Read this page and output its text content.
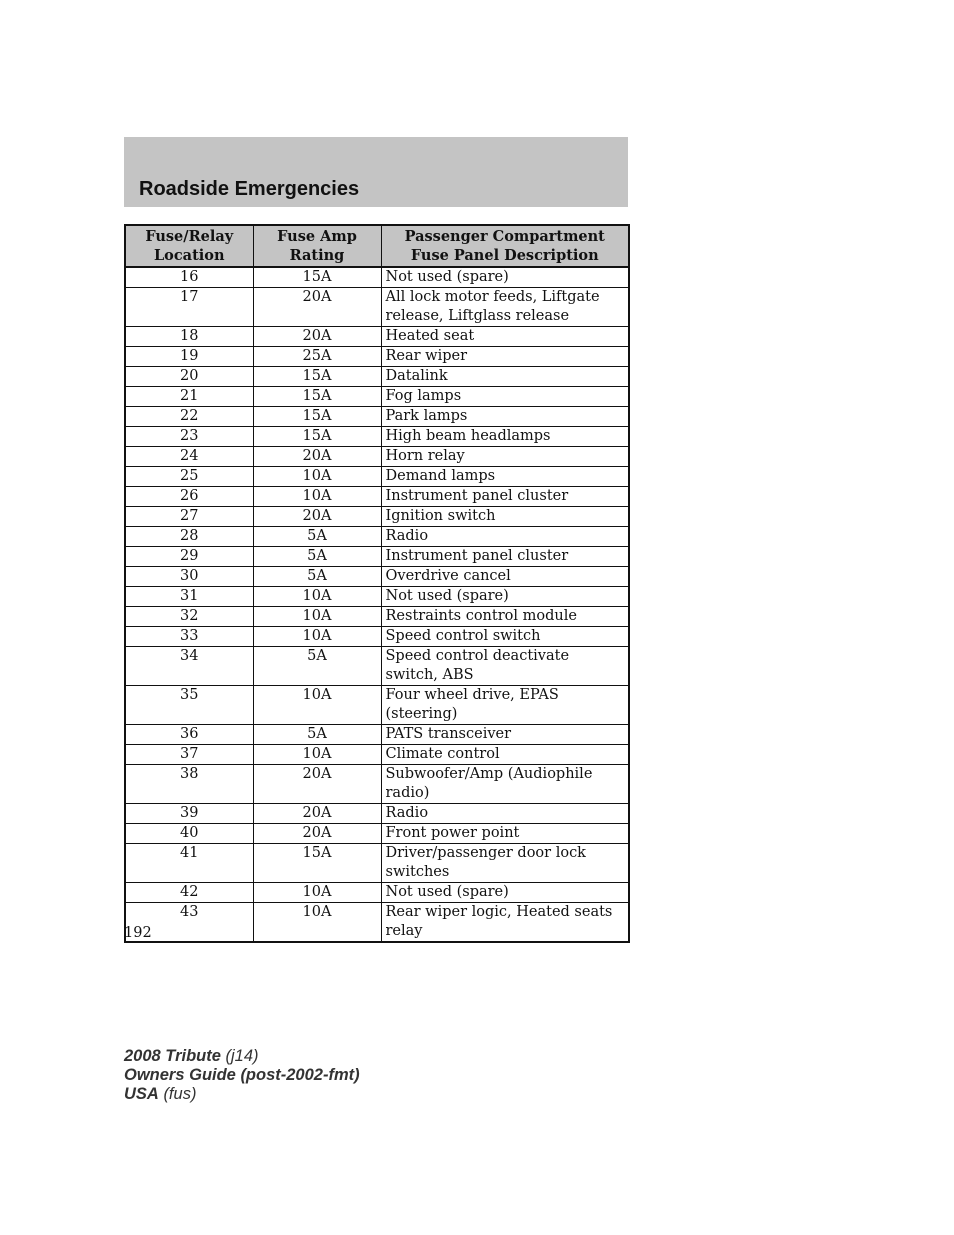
Roadside Emergencies
Fuse/Relay Location	Fuse Amp Rating	Passenger Compartment Fuse Panel Description
16	15A	Not used (spare)
17	20A	All lock motor feeds, Liftgate release, Liftglass release
18	20A	Heated seat
19	25A	Rear wiper
20	15A	Datalink
21	15A	Fog lamps
22	15A	Park lamps
23	15A	High beam headlamps
24	20A	Horn relay
25	10A	Demand lamps
26	10A	Instrument panel cluster
27	20A	Ignition switch
28	5A	Radio
29	5A	Instrument panel cluster
30	5A	Overdrive cancel
31	10A	Not used (spare)
32	10A	Restraints control module
33	10A	Speed control switch
34	5A	Speed control deactivate switch, ABS
35	10A	Four wheel drive, EPAS (steering)
36	5A	PATS transceiver
37	10A	Climate control
38	20A	Subwoofer/Amp (Audiophile radio)
39	20A	Radio
40	20A	Front power point
41	15A	Driver/passenger door lock switches
42	10A	Not used (spare)
43	10A	Rear wiper logic, Heated seats relay
192
2008 Tribute (j14)
Owners Guide (post-2002-fmt)
USA (fus)
